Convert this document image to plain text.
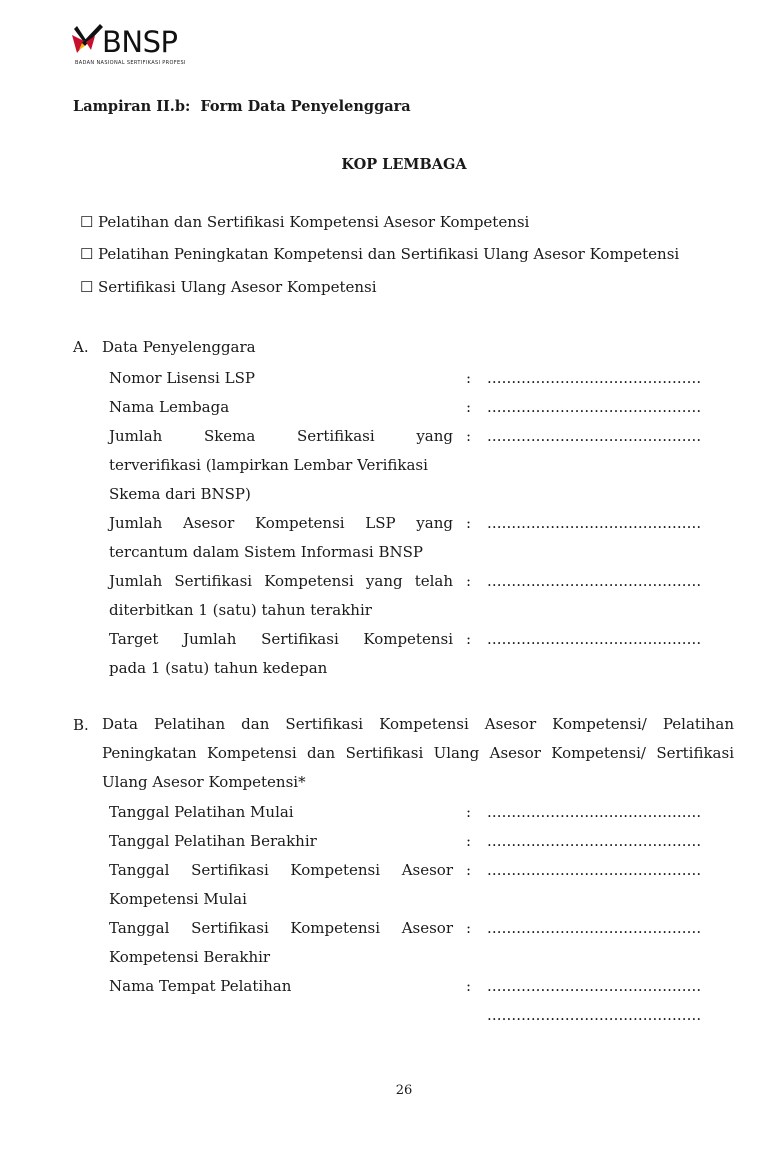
BNSP
BADAN NASIONAL SERTIFIKASI PROFESI
Lampiran II.b:  Form Data Penyelenggara
KOP LEMBAGA
☐ Pelatihan dan Sertifikasi Kompetensi Asesor Kompetensi
☐ Pelatihan Peningkatan Kompetensi dan Sertifikasi Ulang Asesor Kompetensi
☐ Sertifikasi Ulang Asesor Kompetensi
A. Data Penyelenggara
Nomor Lisensi LSP	: ............................................
Nama Lembaga	: ............................................
Jumlah Skema Sertifikasi yang
terverifikasi (lampirkan Lembar Verifikasi
Skema dari BNSP)
: ............................................
Jumlah Asesor Kompetensi LSP yang
tercantum dalam Sistem Informasi BNSP
: ............................................
Jumlah Sertifikasi Kompetensi yang telah
diterbitkan 1 (satu) tahun terakhir
: ............................................
Target Jumlah Sertifikasi Kompetensi
pada 1 (satu) tahun kedepan
: ............................................
B. Data Pelatihan dan Sertifikasi Kompetensi Asesor Kompetensi/ Pelatihan
Peningkatan Kompetensi dan Sertifikasi Ulang Asesor Kompetensi/ Sertifikasi
Ulang Asesor Kompetensi*
Tanggal Pelatihan Mulai	: ............................................
Tanggal Pelatihan Berakhir	: ............................................
Tanggal Sertifikasi Kompetensi Asesor
Kompetensi Mulai
: ............................................
Tanggal Sertifikasi Kompetensi Asesor
Kompetensi Berakhir
: ............................................
Nama Tempat Pelatihan	: ............................................
............................................
26
